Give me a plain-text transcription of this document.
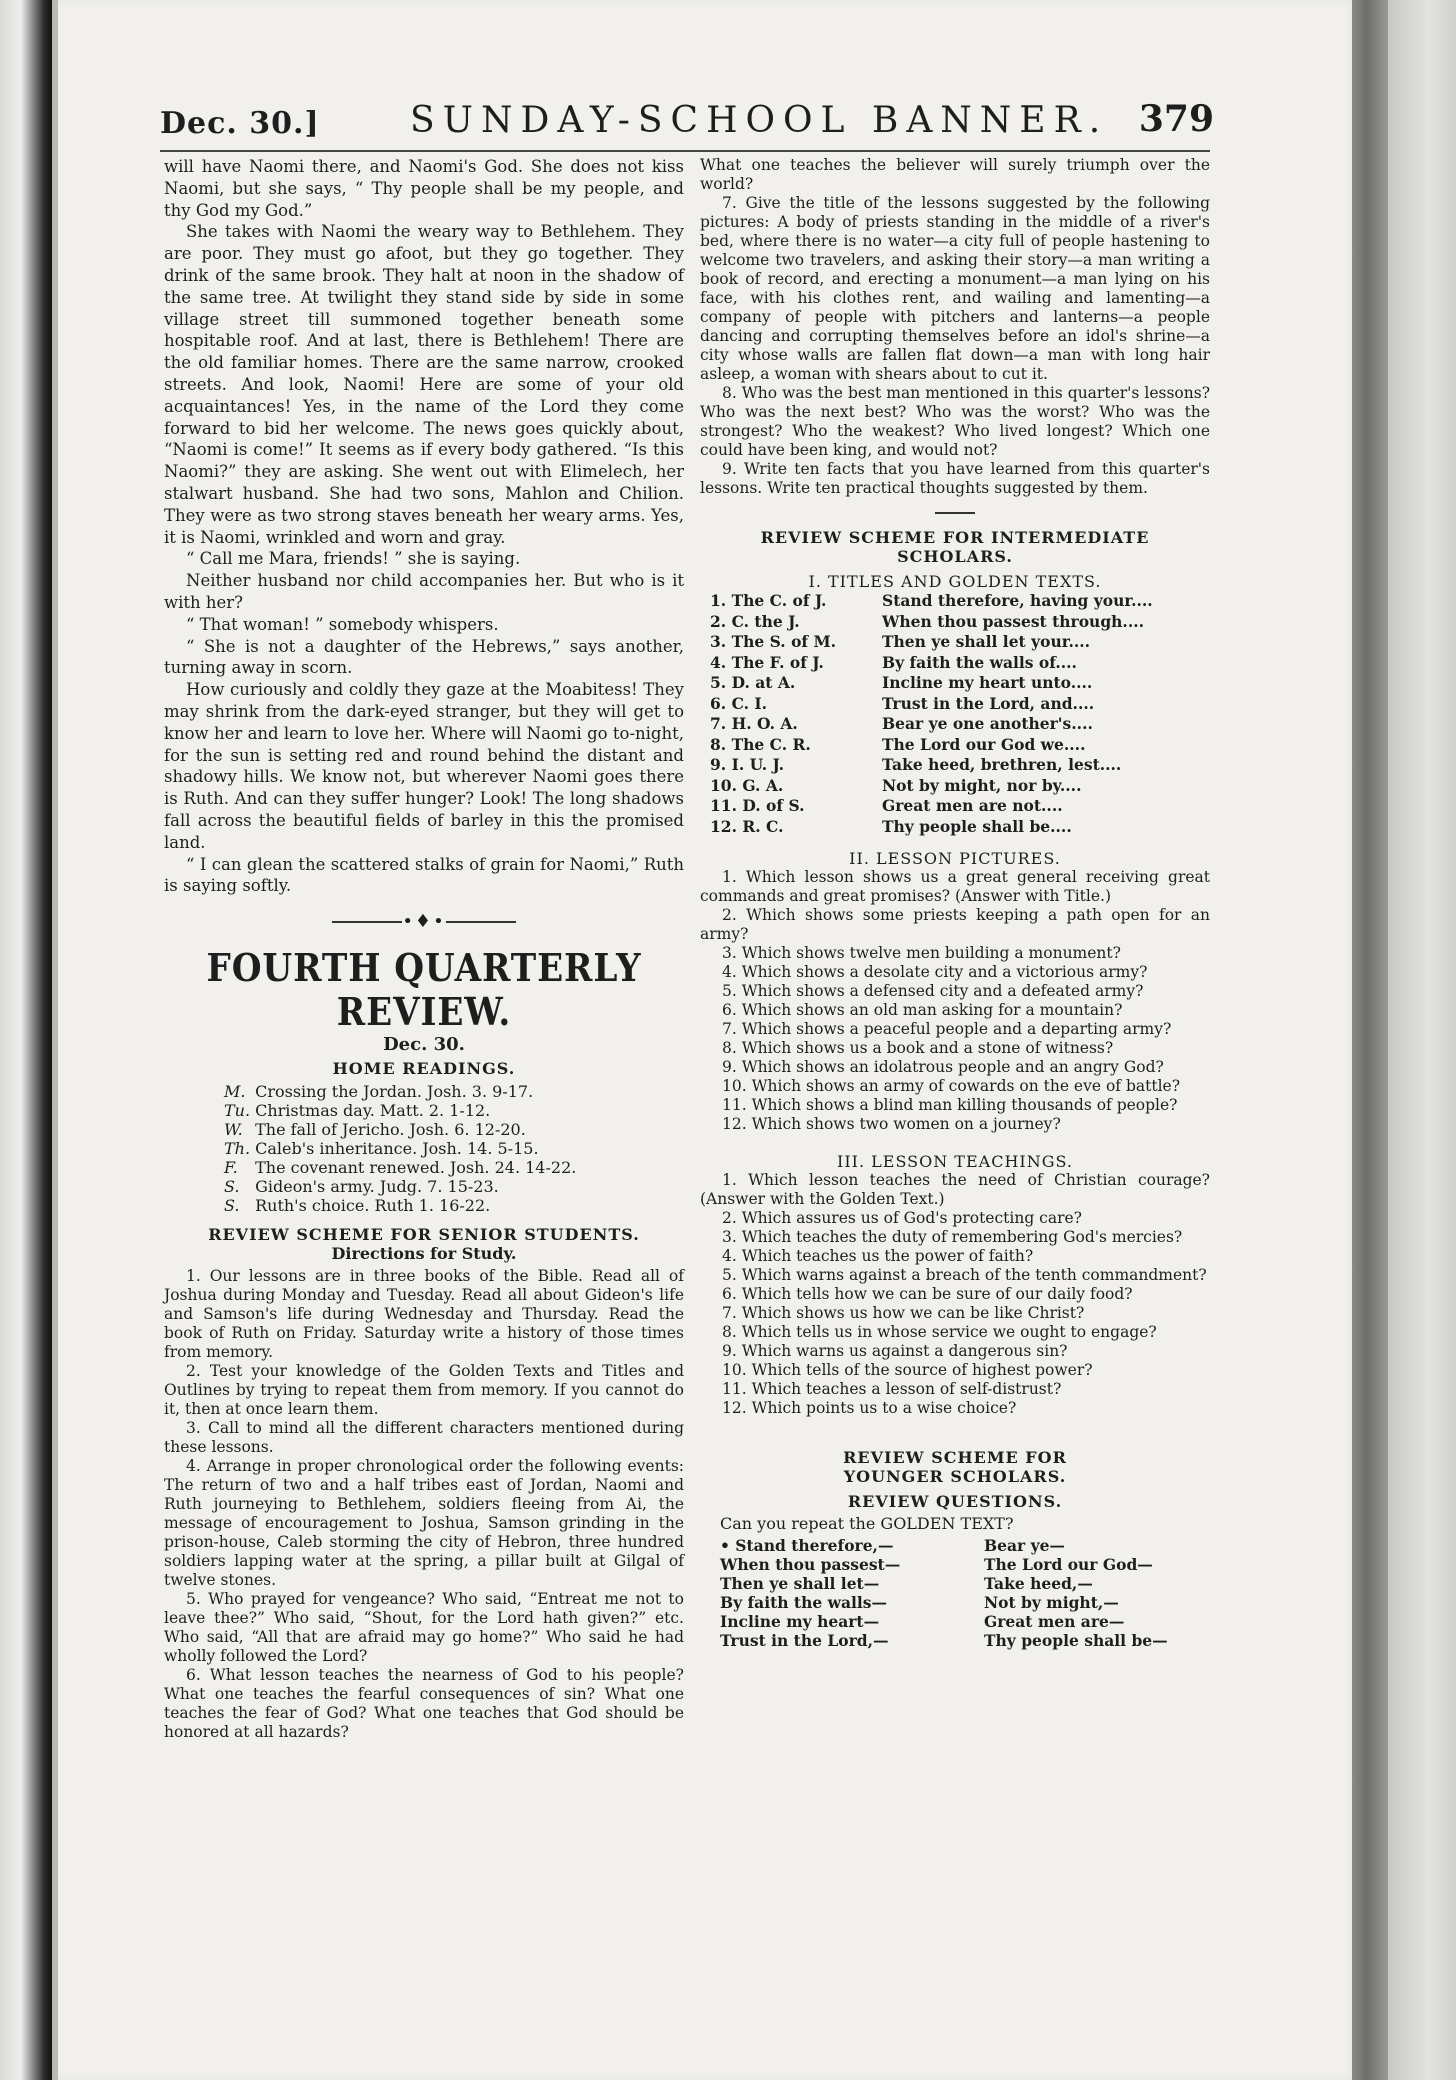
Dec. 30.]	SUNDAY-SCHOOL BANNER. 379

will have Naomi there, and Naomi's God. She does not kiss Naomi, but she says, “ Thy people shall be my people, and thy God my God.”

She takes with Naomi the weary way to Bethlehem. They are poor. They must go afoot, but they go together. They drink of the same brook. They halt at noon in the shadow of the same tree. At twilight they stand side by side in some village street till summoned together beneath some hospitable roof. And at last, there is Bethlehem! There are the old familiar homes. There are the same narrow, crooked streets. And look, Naomi! Here are some of your old acquaintances! Yes, in the name of the Lord they come forward to bid her welcome. The news goes quickly about, “Naomi is come!” It seems as if every body gathered. “Is this Naomi?” they are asking. She went out with Elimelech, her stalwart husband. She had two sons, Mahlon and Chilion. They were as two strong staves beneath her weary arms. Yes, it is Naomi, wrinkled and worn and gray.

“ Call me Mara, friends! ” she is saying.

Neither husband nor child accompanies her. But who is it with her?

“ That woman! ” somebody whispers.

“ She is not a daughter of the Hebrews,” says another, turning away in scorn.

How curiously and coldly they gaze at the Moabitess! They may shrink from the dark-eyed stranger, but they will get to know her and learn to love her. Where will Naomi go to-night, for the sun is setting red and round behind the distant and shadowy hills. We know not, but wherever Naomi goes there is Ruth. And can they suffer hunger? Look! The long shadows fall across the beautiful fields of barley in this the promised land.

“ I can glean the scattered stalks of grain for Naomi,” Ruth is saying softly.

•♦•
FOURTH QUARTERLY REVIEW.
Dec. 30.
HOME READINGS.
M. Crossing the Jordan. Josh. 3. 9-17.
Tu. Christmas day. Matt. 2. 1-12.
W. The fall of Jericho. Josh. 6. 12-20.
Th. Caleb's inheritance. Josh. 14. 5-15.
F. The covenant renewed. Josh. 24. 14-22.
S. Gideon's army. Judg. 7. 15-23.
S. Ruth's choice. Ruth 1. 16-22.
REVIEW SCHEME FOR SENIOR STUDENTS.
Directions for Study.

1. Our lessons are in three books of the Bible. Read all of Joshua during Monday and Tuesday. Read all about Gideon's life and Samson's life during Wednesday and Thursday. Read the book of Ruth on Friday. Saturday write a history of those times from memory.

2. Test your knowledge of the Golden Texts and Titles and Outlines by trying to repeat them from memory. If you cannot do it, then at once learn them.

3. Call to mind all the different characters mentioned during these lessons.

4. Arrange in proper chronological order the following events: The return of two and a half tribes east of Jordan, Naomi and Ruth journeying to Bethlehem, soldiers fleeing from Ai, the message of encouragement to Joshua, Samson grinding in the prison-house, Caleb storming the city of Hebron, three hundred soldiers lapping water at the spring, a pillar built at Gilgal of twelve stones.

5. Who prayed for vengeance? Who said, “Entreat me not to leave thee?” Who said, “Shout, for the Lord hath given?” etc. Who said, “All that are afraid may go home?” Who said he had wholly followed the Lord?

6. What lesson teaches the nearness of God to his people? What one teaches the fearful consequences of sin? What one teaches the fear of God? What one teaches that God should be honored at all hazards?

What one teaches the believer will surely triumph over the world?

7. Give the title of the lessons suggested by the following pictures: A body of priests standing in the middle of a river's bed, where there is no water—a city full of people hastening to welcome two travelers, and asking their story—a man writing a book of record, and erecting a monument—a man lying on his face, with his clothes rent, and wailing and lamenting—a company of people with pitchers and lanterns—a people dancing and corrupting themselves before an idol's shrine—a city whose walls are fallen flat down—a man with long hair asleep, a woman with shears about to cut it.

8. Who was the best man mentioned in this quarter's lessons? Who was the next best? Who was the worst? Who was the strongest? Who the weakest? Who lived longest? Which one could have been king, and would not?

9. Write ten facts that you have learned from this quarter's lessons. Write ten practical thoughts suggested by them.

REVIEW SCHEME FOR INTERMEDIATE SCHOLARS.
I. TITLES AND GOLDEN TEXTS.
1. The C. of J.	Stand therefore, having your....
2. C. the J.	When thou passest through....
3. The S. of M.	Then ye shall let your....
4. The F. of J.	By faith the walls of....
5. D. at A.	Incline my heart unto....
6. C. I.	Trust in the Lord, and....
7. H. O. A.	Bear ye one another's....
8. The C. R.	The Lord our God we....
9. I. U. J.	Take heed, brethren, lest....
10. G. A.	Not by might, nor by....
11. D. of S.	Great men are not....
12. R. C.	Thy people shall be....
II. LESSON PICTURES.

1. Which lesson shows us a great general receiving great commands and great promises? (Answer with Title.)

2. Which shows some priests keeping a path open for an army?

3. Which shows twelve men building a monument?

4. Which shows a desolate city and a victorious army?

5. Which shows a defensed city and a defeated army?

6. Which shows an old man asking for a mountain?

7. Which shows a peaceful people and a departing army?

8. Which shows us a book and a stone of witness?

9. Which shows an idolatrous people and an angry God?

10. Which shows an army of cowards on the eve of battle?

11. Which shows a blind man killing thousands of people?

12. Which shows two women on a journey?

III. LESSON TEACHINGS.

1. Which lesson teaches the need of Christian courage? (Answer with the Golden Text.)

2. Which assures us of God's protecting care?

3. Which teaches the duty of remembering God's mercies?

4. Which teaches us the power of faith?

5. Which warns against a breach of the tenth commandment?

6. Which tells how we can be sure of our daily food?

7. Which shows us how we can be like Christ?

8. Which tells us in whose service we ought to engage?

9. Which warns us against a dangerous sin?

10. Which tells of the source of highest power?

11. Which teaches a lesson of self-distrust?

12. Which points us to a wise choice?

REVIEW SCHEME FOR YOUNGER SCHOLARS.
REVIEW QUESTIONS.

Can you repeat the GOLDEN TEXT?

• Stand therefore,—	Bear ye—
When thou passest—	The Lord our God—
Then ye shall let—	Take heed,—
By faith the walls—	Not by might,—
Incline my heart—	Great men are—
Trust in the Lord,—	Thy people shall be—
